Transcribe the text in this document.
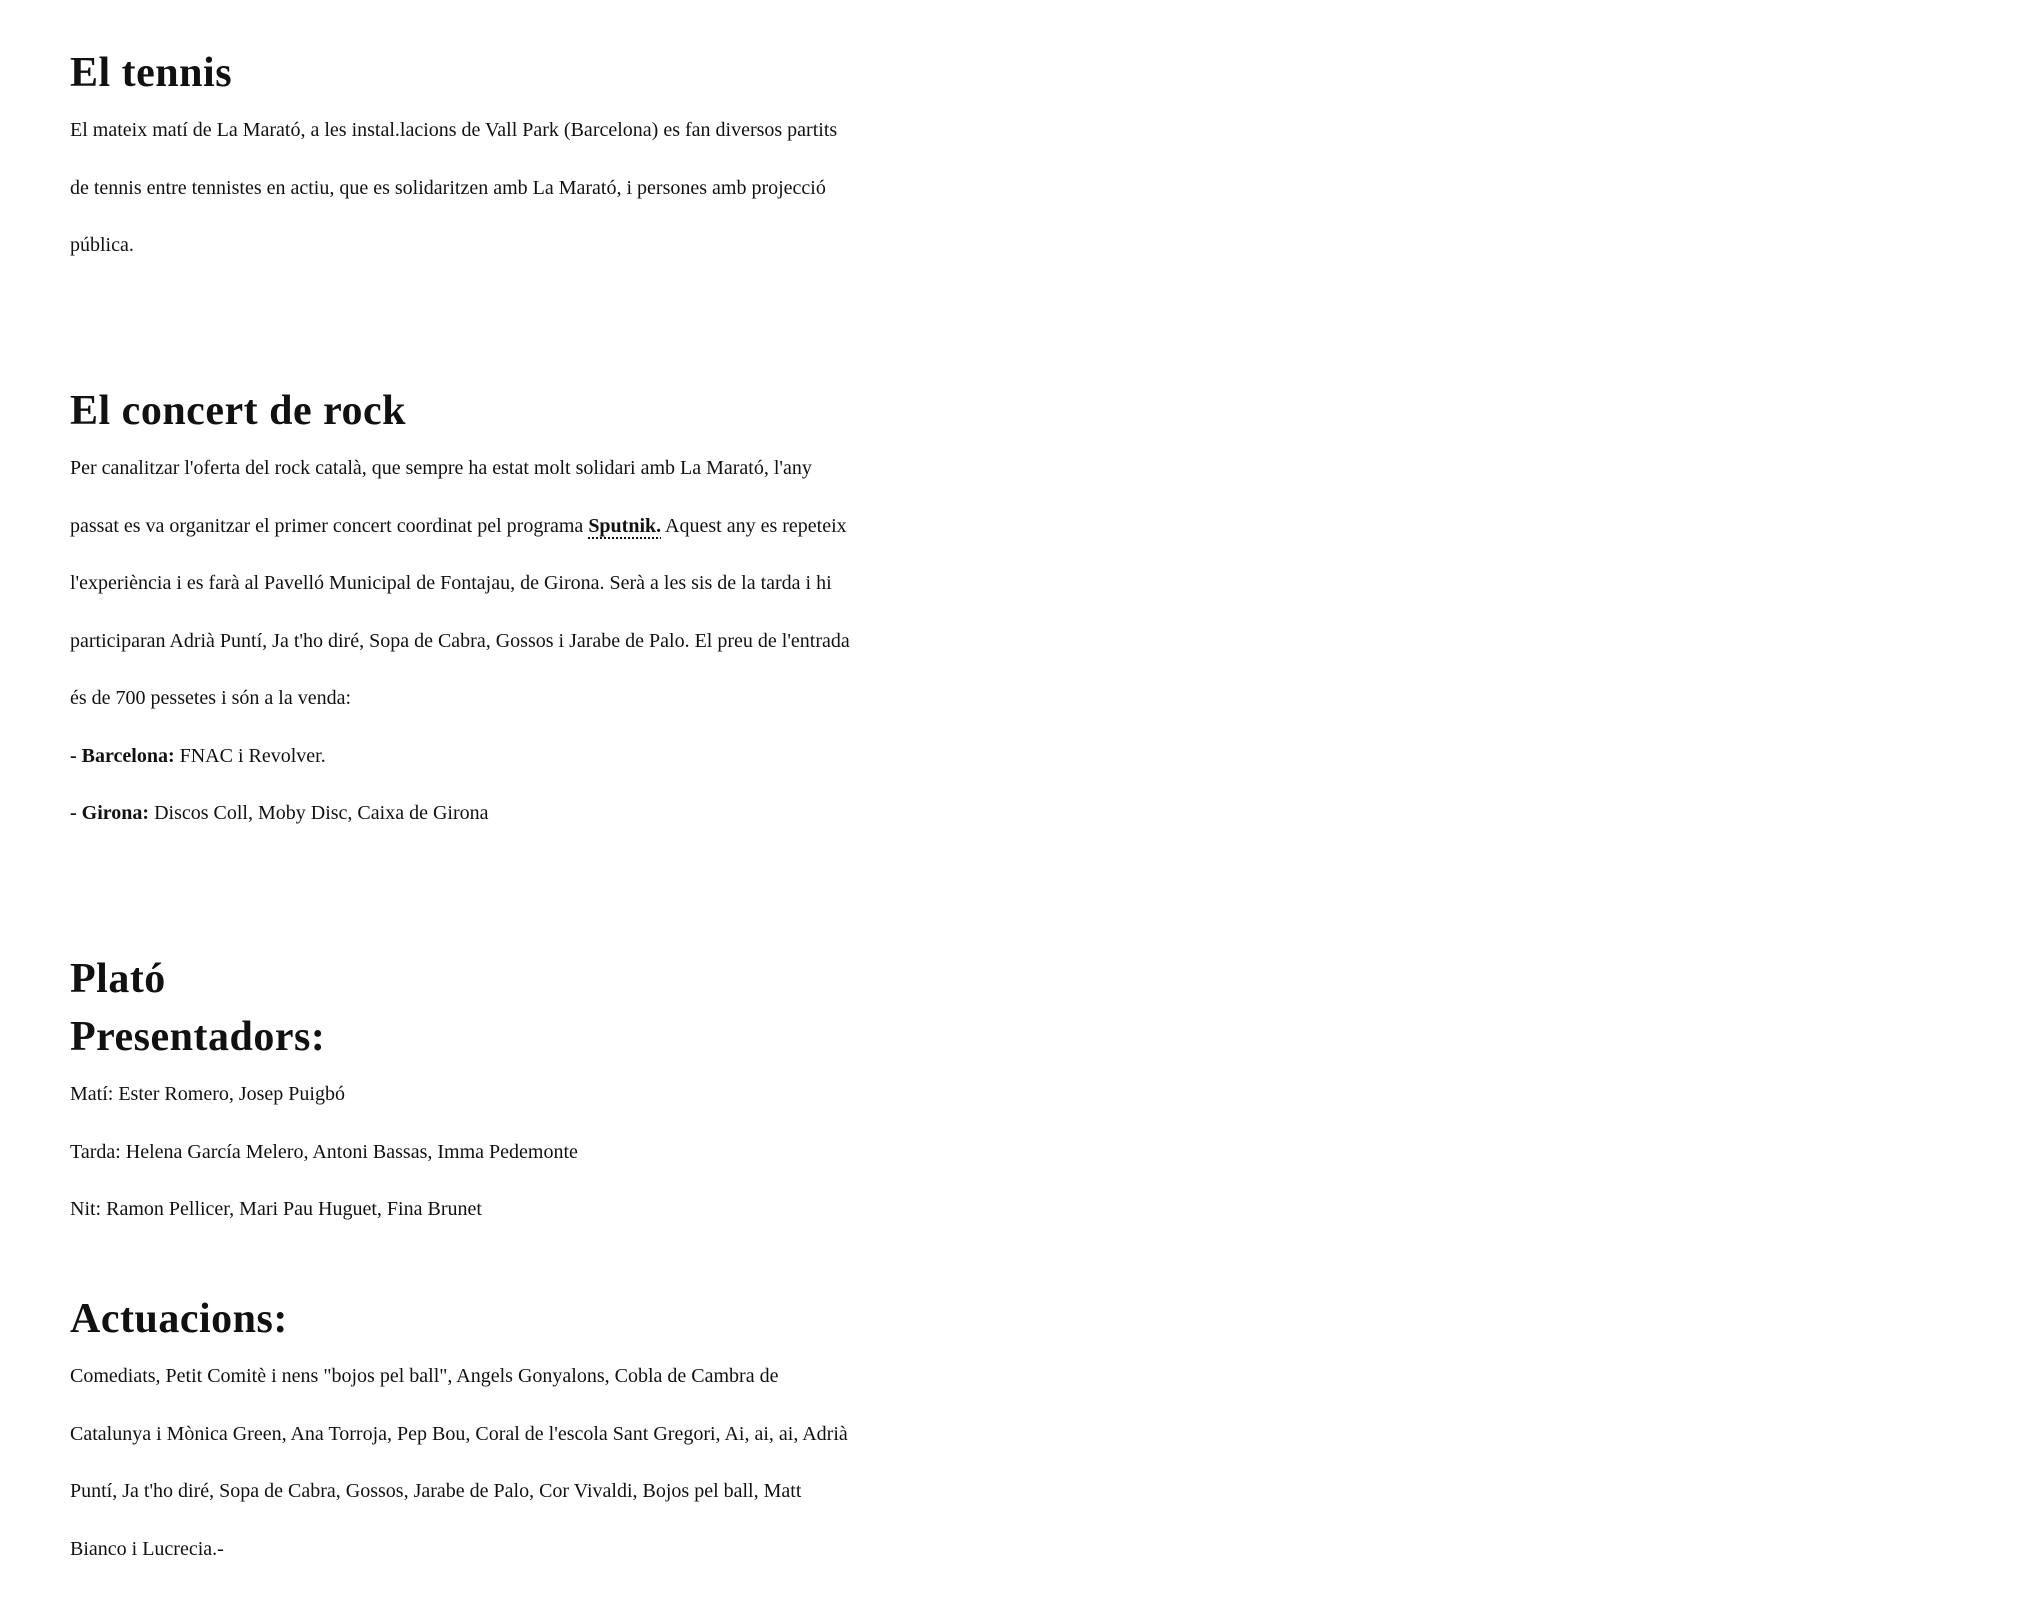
El tennis
El mateix matí de La Marató, a les instal.lacions de Vall Park (Barcelona) es fan diversos partits
de tennis entre tennistes en actiu, que es solidaritzen amb La Marató, i persones amb projecció
pública.
El concert de rock
Per canalitzar l'oferta del rock català, que sempre ha estat molt solidari amb La Marató, l'any
passat es va organitzar el primer concert coordinat pel programa Sputnik. Aquest any es repeteix
l'experiència i es farà al Pavelló Municipal de Fontajau, de Girona. Serà a les sis de la tarda i hi
participaran Adrià Puntí, Ja t'ho diré, Sopa de Cabra, Gossos i Jarabe de Palo. El preu de l'entrada
és de 700 pessetes i són a la venda:
- Barcelona: FNAC i Revolver.
- Girona: Discos Coll, Moby Disc, Caixa de Girona
Plató
Presentadors:
Matí: Ester Romero, Josep Puigbó
Tarda: Helena García Melero, Antoni Bassas, Imma Pedemonte
Nit: Ramon Pellicer, Mari Pau Huguet, Fina Brunet
Actuacions:
Comediats, Petit Comitè i nens "bojos pel ball", Angels Gonyalons, Cobla de Cambra de
Catalunya i Mònica Green, Ana Torroja, Pep Bou, Coral de l'escola Sant Gregori, Ai, ai, ai, Adrià
Puntí, Ja t'ho diré, Sopa de Cabra, Gossos, Jarabe de Palo, Cor Vivaldi, Bojos pel ball, Matt
Bianco i Lucrecia.-
